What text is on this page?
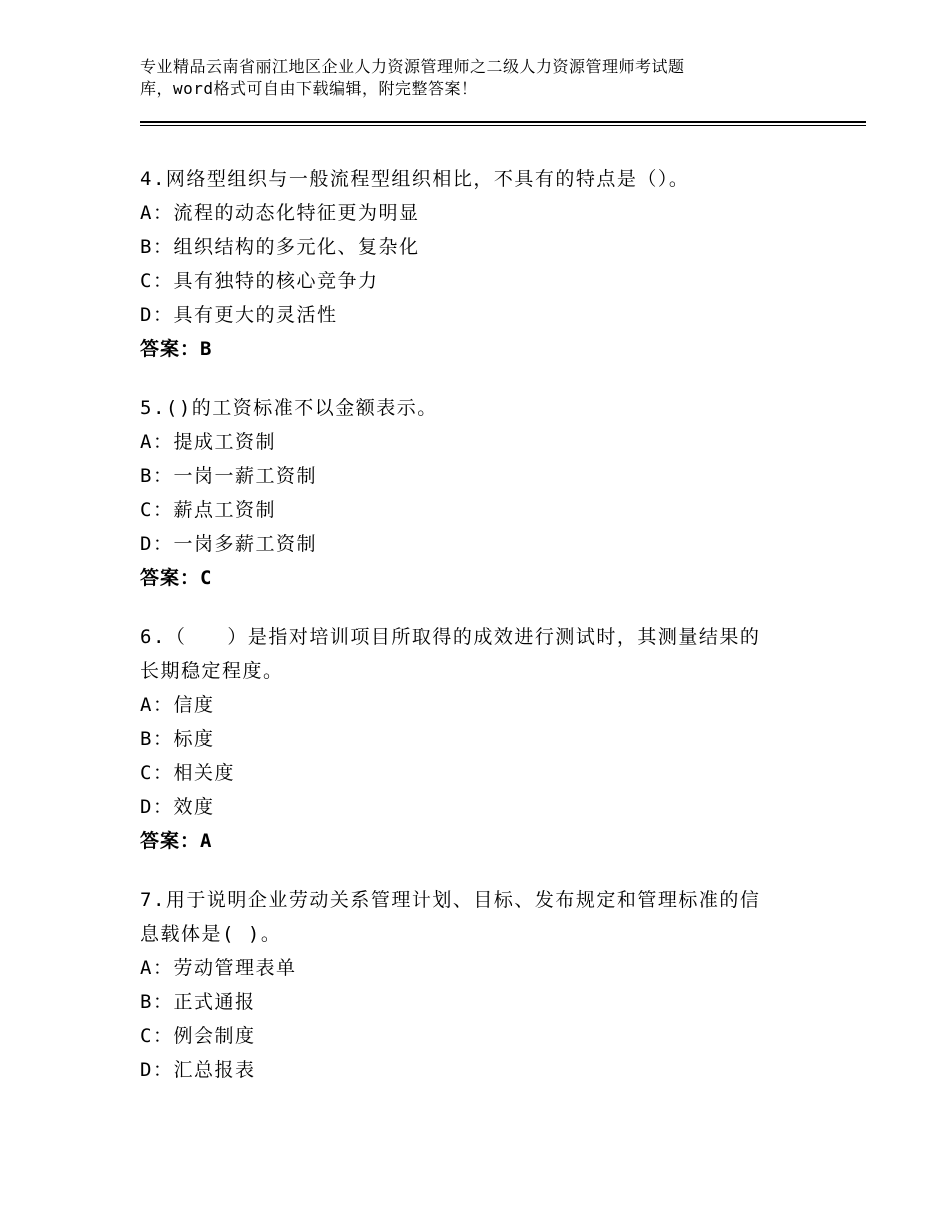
专业精品云南省丽江地区企业人力资源管理师之二级人力资源管理师考试题
库，word格式可自由下载编辑，附完整答案！
4.网络型组织与一般流程型组织相比，不具有的特点是（）。
A：流程的动态化特征更为明显
B：组织结构的多元化、复杂化
C：具有独特的核心竞争力
D：具有更大的灵活性
答案：B
5.()的工资标准不以金额表示。
A：提成工资制
B：一岗一薪工资制
C：薪点工资制
D：一岗多薪工资制
答案：C
6.（　　）是指对培训项目所取得的成效进行测试时，其测量结果的
长期稳定程度。
A：信度
B：标度
C：相关度
D：效度
答案：A
7.用于说明企业劳动关系管理计划、目标、发布规定和管理标准的信
息载体是( )。
A：劳动管理表单
B：正式通报
C：例会制度
D：汇总报表
